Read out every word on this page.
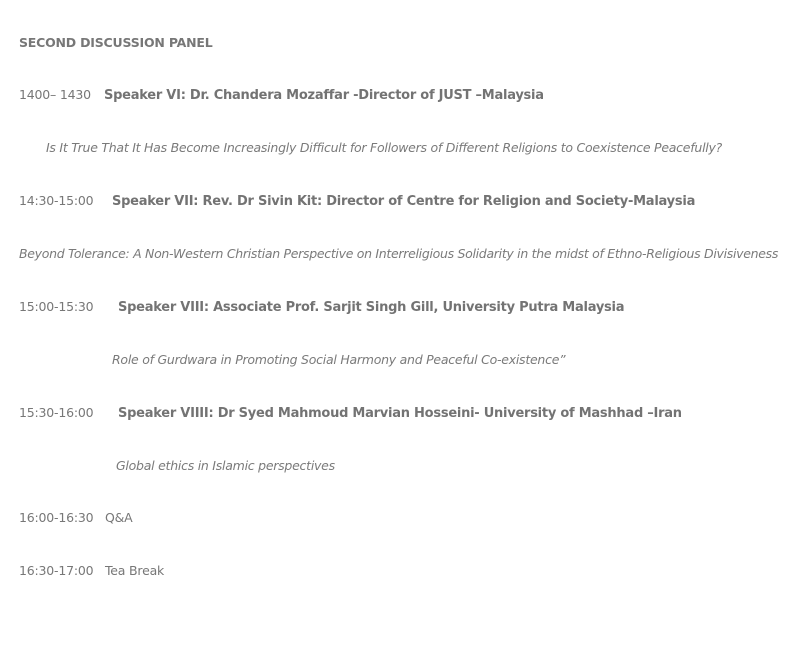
SECOND DISCUSSION PANEL
1400– 1430 Speaker VI: Dr. Chandera Mozaffar -Director of JUST –Malaysia
Is It True That It Has Become Increasingly Difficult for Followers of Different Religions to Coexistence Peacefully?
14:30-15:00 Speaker VII: Rev. Dr Sivin Kit: Director of Centre for Religion and Society-Malaysia
Beyond Tolerance: A Non-Western Christian Perspective on Interreligious Solidarity in the midst of Ethno-Religious Divisiveness
15:00-15:30 Speaker VIII: Associate Prof. Sarjit Singh Gill, University Putra Malaysia
Role of Gurdwara in Promoting Social Harmony and Peaceful Co-existence”
15:30-16:00 Speaker VIIII: Dr Syed Mahmoud Marvian Hosseini- University of Mashhad –Iran
Global ethics in Islamic perspectives
16:00-16:30 Q&A
16:30-17:00 Tea Break
